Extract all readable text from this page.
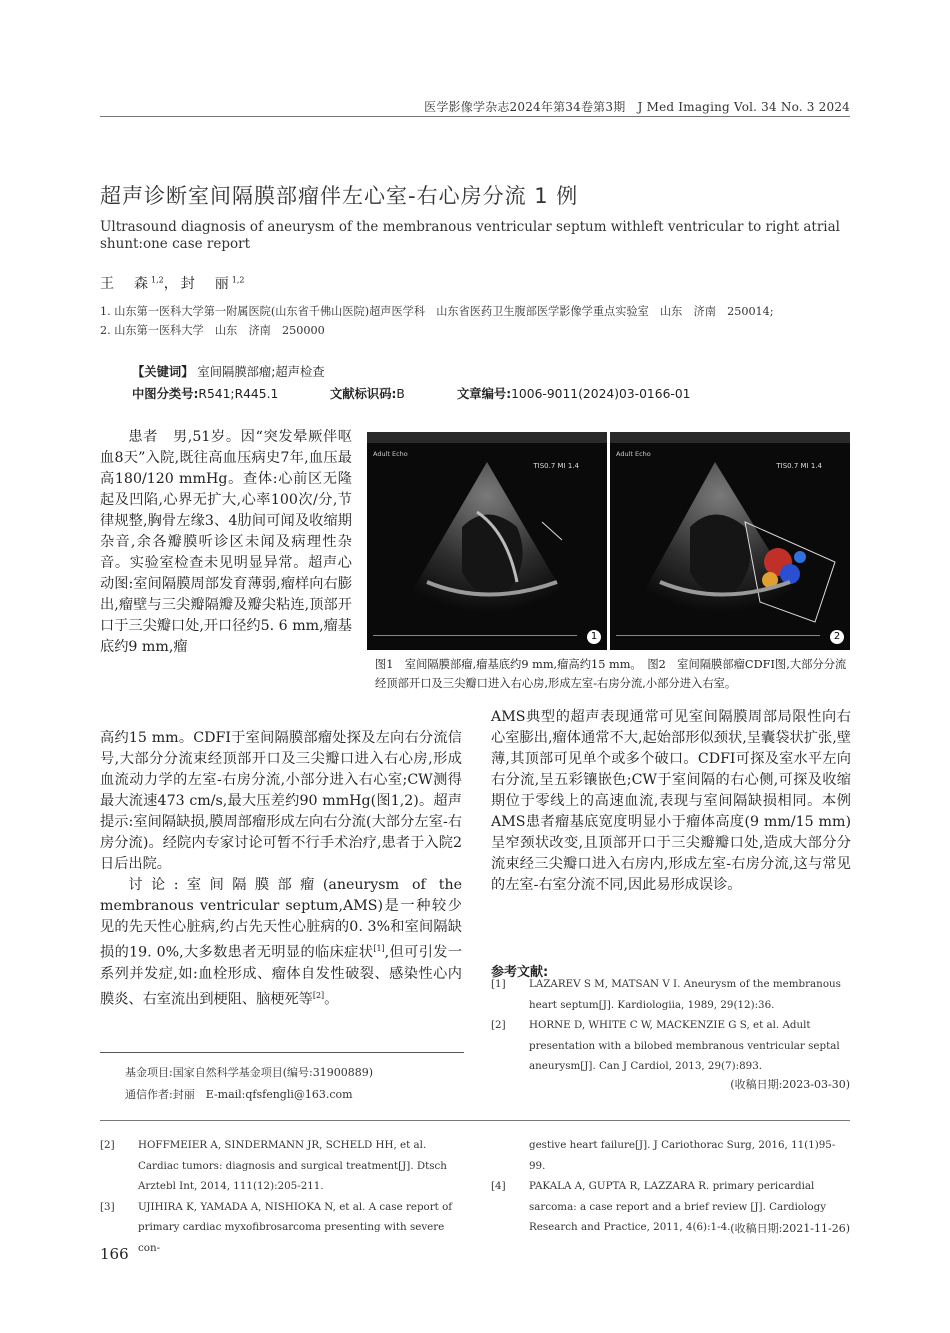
医学影像学杂志2024年第34卷第3期　J Med Imaging Vol. 34 No. 3 2024
超声诊断室间隔膜部瘤伴左心室-右心房分流 1 例
Ultrasound diagnosis of aneurysm of the membranous ventricular septum withleft ventricular to right atrial shunt:one case report
王　森$^{1,2}$，封　丽$^{1,2}$
1. 山东第一医科大学第一附属医院(山东省千佛山医院)超声医学科　山东省医药卫生腹部医学影像学重点实验室　山东　济南　250014;
2. 山东第一医科大学　山东　济南　250000
【关键词】 室间隔膜部瘤;超声检查
中图分类号:R541;R445.1	文献标识码:B	文章编号:1006-9011(2024)03-0166-01

患者　男,51岁。因“突发晕厥伴呕血8天”入院,既往高血压病史7年,血压最高180/120 mmHg。查体:心前区无隆起及凹陷,心界无扩大,心率100次/分,节律规整,胸骨左缘3、4肋间可闻及收缩期杂音,余各瓣膜听诊区未闻及病理性杂音。实验室检查未见明显异常。超声心动图:室间隔膜周部发育薄弱,瘤样向右膨出,瘤壁与三尖瓣隔瓣及瓣尖粘连,顶部开口于三尖瓣口处,开口径约5. 6 mm,瘤基底约9 mm,瘤

Adult Echo
TIS0.7 MI 1.4
1
Adult Echo
TIS0.7 MI 1.4
2
图1　室间隔膜部瘤,瘤基底约9 mm,瘤高约15 mm。　图2　室间隔膜部瘤CDFI图,大部分分流经顶部开口及三尖瓣口进入右心房,形成左室-右房分流,小部分进入右室。

高约15 mm。CDFI于室间隔膜部瘤处探及左向右分流信号,大部分分流束经顶部开口及三尖瓣口进入右心房,形成血流动力学的左室-右房分流,小部分进入右心室;CW测得最大流速473 cm/s,最大压差约90 mmHg(图1,2)。超声提示:室间隔缺损,膜周部瘤形成左向右分流(大部分左室-右房分流)。经院内专家讨论可暂不行手术治疗,患者于入院2日后出院。

讨论:室间隔膜部瘤(aneurysm of the membranous ventricular septum,AMS)是一种较少见的先天性心脏病,约占先天性心脏病的0. 3%和室间隔缺损的19. 0%,大多数患者无明显的临床症状[1],但可引发一系列并发症,如:血栓形成、瘤体自发性破裂、感染性心内膜炎、右室流出到梗阻、脑梗死等[2]。

AMS典型的超声表现通常可见室间隔膜周部局限性向右心室膨出,瘤体通常不大,起始部形似颈状,呈囊袋状扩张,壁薄,其顶部可见单个或多个破口。CDFI可探及室水平左向右分流,呈五彩镶嵌色;CW于室间隔的右心侧,可探及收缩期位于零线上的高速血流,表现与室间隔缺损相同。本例AMS患者瘤基底宽度明显小于瘤体高度(9 mm/15 mm)呈窄颈状改变,且顶部开口于三尖瓣瓣口处,造成大部分分流束经三尖瓣口进入右房内,形成左室-右房分流,这与常见的左室-右室分流不同,因此易形成误诊。

参考文献:
[1] LAZAREV S M, MATSAN V I. Aneurysm of the membranous heart septum[J]. Kardiologiia, 1989, 29(12):36.
[2] HORNE D, WHITE C W, MACKENZIE G S, et al. Adult presentation with a bilobed membranous ventricular septal aneurysm[J]. Can J Cardiol, 2013, 29(7):893.
(收稿日期:2023-03-30)
基金项目:国家自然科学基金项目(编号:31900889)
通信作者:封丽　E-mail:qfsfengli@163.com
[2] HOFFMEIER A, SINDERMANN JR, SCHELD HH, et al. Cardiac tumors: diagnosis and surgical treatment[J]. Dtsch Arztebl Int, 2014, 111(12):205-211.
[3] UJIHIRA K, YAMADA A, NISHIOKA N, et al. A case report of primary cardiac myxofibrosarcoma presenting with severe con-
gestive heart failure[J]. J Cariothorac Surg, 2016, 11(1)95-99.
[4] PAKALA A, GUPTA R, LAZZARA R. primary pericardial sarcoma: a case report and a brief review [J]. Cardiology Research and Practice, 2011, 4(6):1-4. (收稿日期:2021-11-26)
166
